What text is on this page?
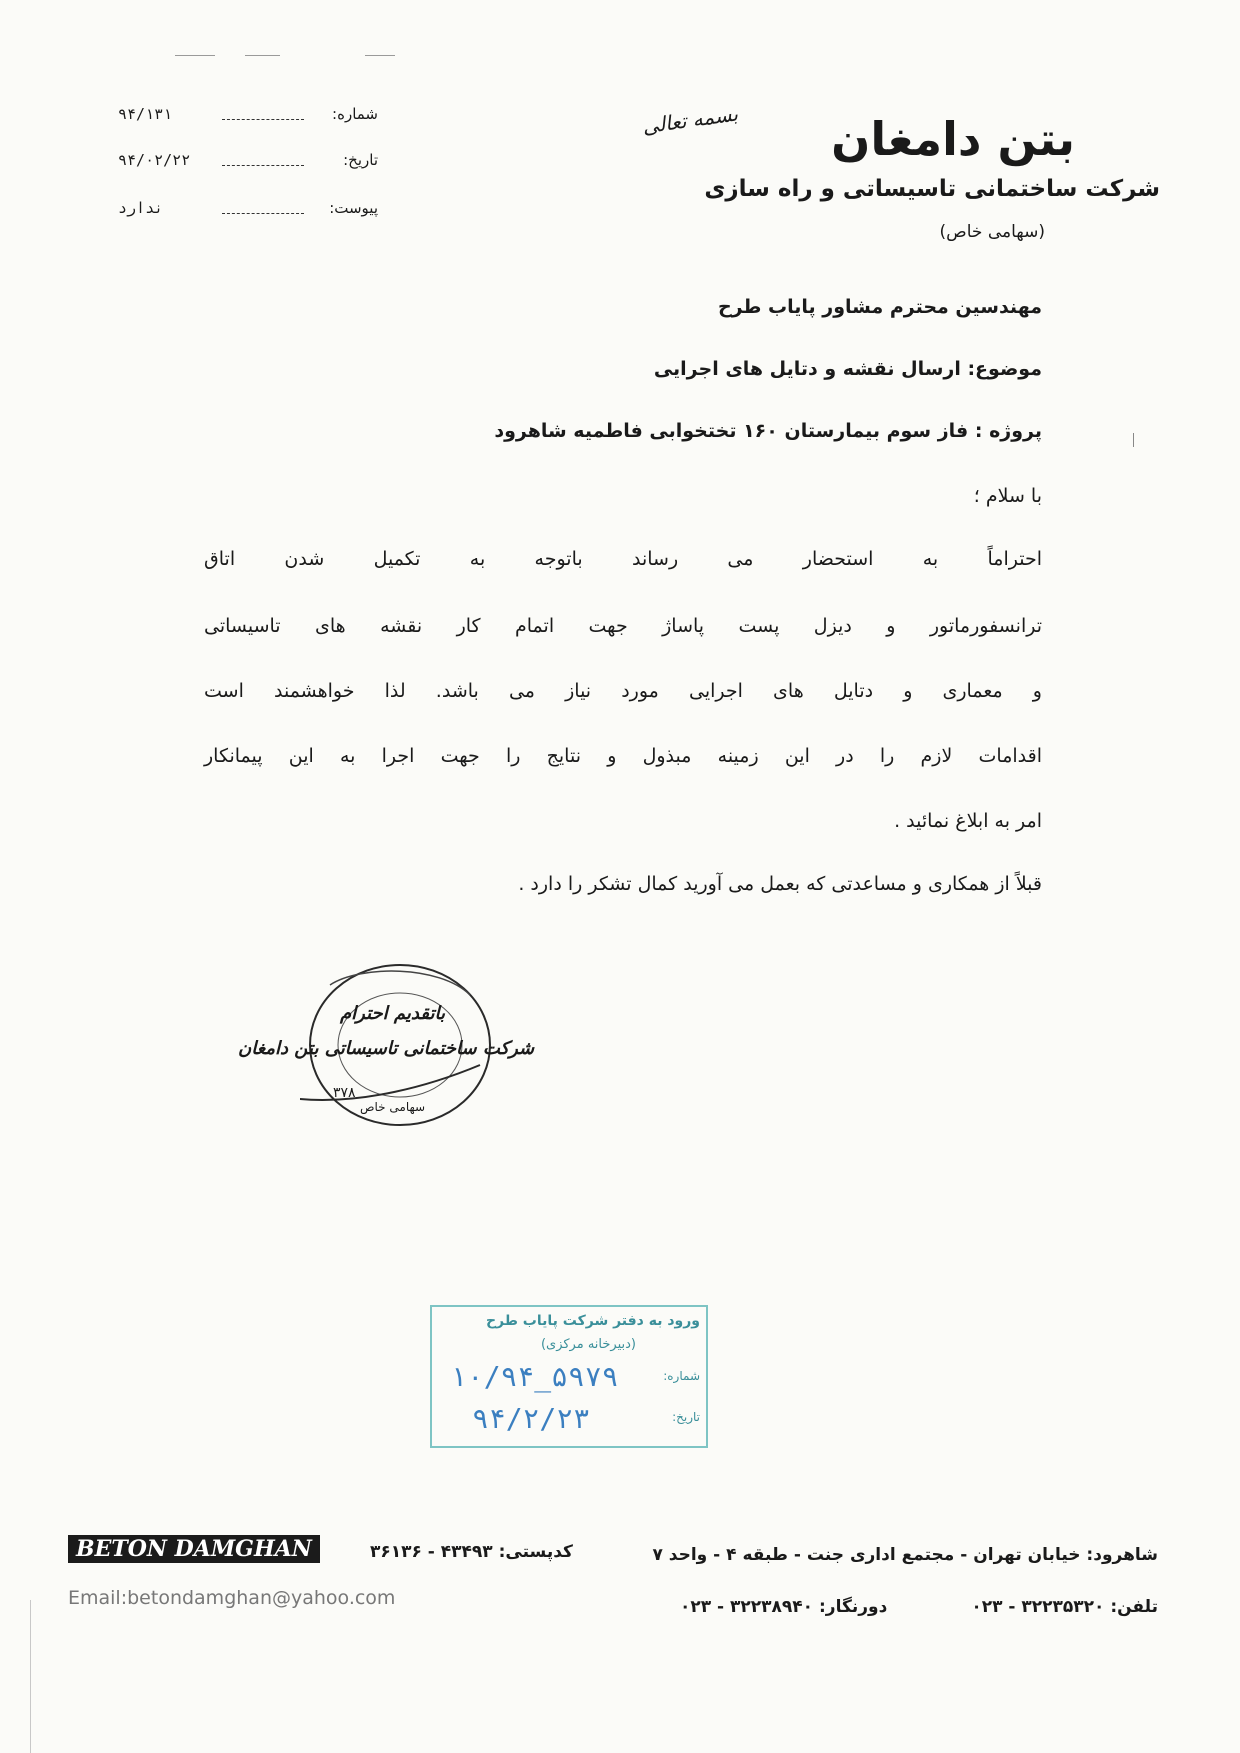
بتن دامغان
شرکت ساختمانی تاسیساتی و راه سازی
(سهامی خاص)
بسمه تعالی
۹۴/۱۳۱	شماره:
۹۴/۰۲/۲۲	تاریخ:
ندارد	پیوست:
مهندسین محترم مشاور پایاب طرح
موضوع: ارسال نقشه و دتایل های اجرایی
پروژه : فاز سوم بیمارستان ۱۶۰ تختخوابی فاطمیه شاهرود
با سلام ؛
احتراماً به استحضار می رساند باتوجه به تکمیل شدن اتاق
ترانسفورماتور و دیزل پست پاساژ جهت اتمام کار نقشه های تاسیساتی
و معماری و دتایل های اجرایی مورد نیاز می باشد. لذا خواهشمند است
اقدامات لازم را در این زمینه مبذول و نتایج را جهت اجرا به این پیمانکار
امر به ابلاغ نمائید .
قبلاً از همکاری و مساعدتی که بعمل می آورید کمال تشکر را دارد .
باتقدیم احترام
شرکت ساختمانی تاسیساتی بتن دامغان
۳۷۸
سهامی خاص
ورود به دفتر شرکت پایاب طرح
(دبیرخانه مرکزی)
شماره:
۱۰/۹۴_۵۹۷۹
تاریخ:
۹۴/۲/۲۳
BETON DAMGHAN
Email:betondamghan@yahoo.com
کدپستی: ۴۳۴۹۳ - ۳۶۱۳۶	شاهرود: خیابان تهران - مجتمع اداری جنت - طبقه ۴ - واحد ۷
دورنگار: ۳۲۲۳۸۹۴۰ - ۰۲۳	تلفن: ۳۲۲۳۵۳۲۰ - ۰۲۳
